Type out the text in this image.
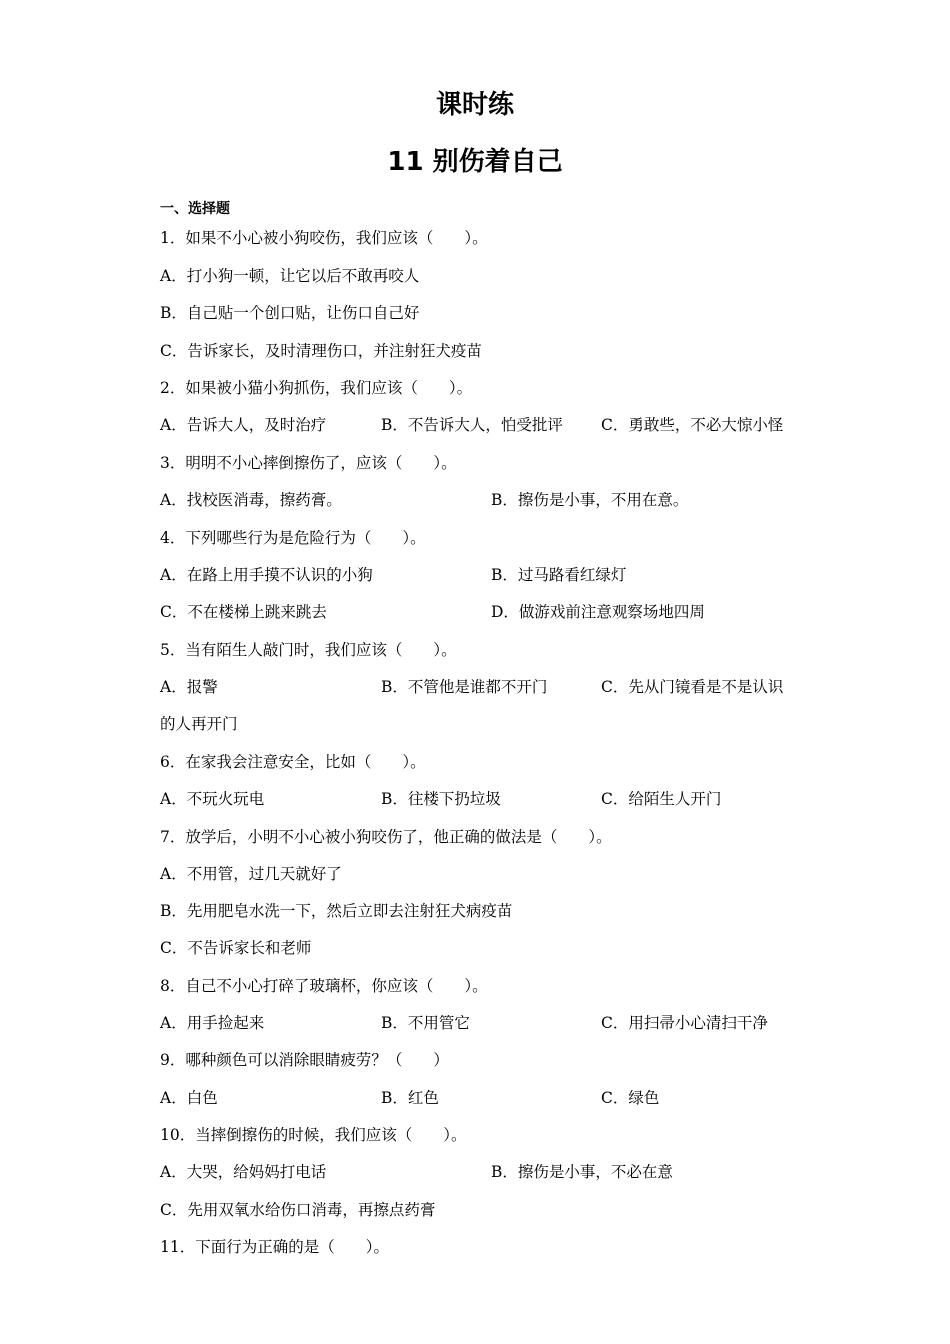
课时练
11 别伤着自己
一、选择题
1．如果不小心被小狗咬伤，我们应该（　　）。
A．打小狗一顿，让它以后不敢再咬人
B．自己贴一个创口贴，让伤口自己好
C．告诉家长，及时清理伤口，并注射狂犬疫苗
2．如果被小猫小狗抓伤，我们应该（　　）。
A．告诉大人，及时治疗	B．不告诉大人，怕受批评 C．勇敢些，不必大惊小怪
3．明明不小心摔倒擦伤了，应该（　　）。
A．找校医消毒，擦药膏。	B．擦伤是小事，不用在意。
4．下列哪些行为是危险行为（　　）。
A．在路上用手摸不认识的小狗	B．过马路看红绿灯
C．不在楼梯上跳来跳去	D．做游戏前注意观察场地四周
5．当有陌生人敲门时，我们应该（　　）。
A．报警	B．不管他是谁都不开门	C．先从门镜看是不是认识
的人再开门
6．在家我会注意安全，比如（　　）。
A．不玩火玩电	B．往楼下扔垃圾	C．给陌生人开门
7．放学后，小明不小心被小狗咬伤了，他正确的做法是（　　）。
A．不用管，过几天就好了
B．先用肥皂水洗一下，然后立即去注射狂犬病疫苗
C．不告诉家长和老师
8．自己不小心打碎了玻璃杯，你应该（　　）。
A．用手捡起来	B．不用管它	C．用扫帚小心清扫干净
9．哪种颜色可以消除眼睛疲劳？（　　）
A．白色	B．红色	C．绿色
10．当摔倒擦伤的时候，我们应该（　　）。
A．大哭，给妈妈打电话	B．擦伤是小事，不必在意
C．先用双氧水给伤口消毒，再擦点药膏
11．下面行为正确的是（　　）。
